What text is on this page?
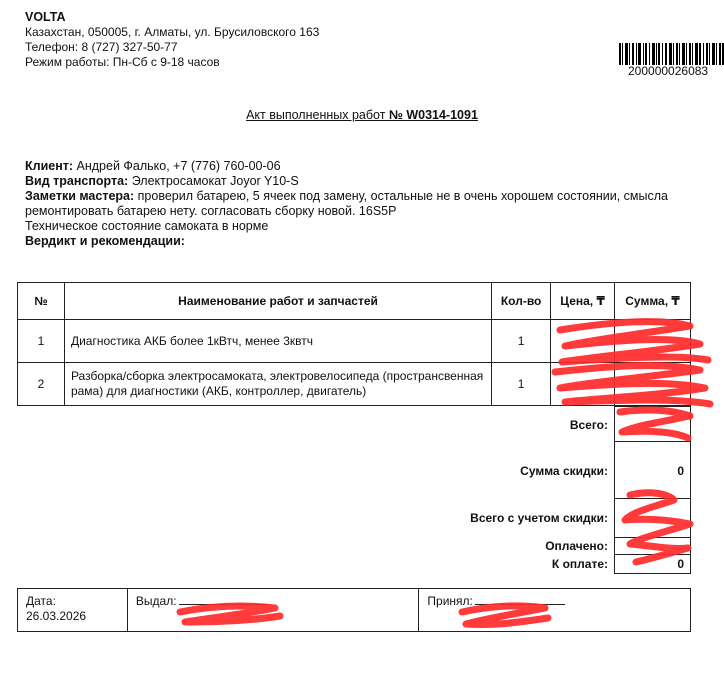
VOLTA
Казахстан, 050005, г. Алматы, ул. Брусиловского 163
Телефон: 8 (727) 327-50-77
Режим работы: Пн-Сб с 9-18 часов
200000026083
Акт выполненных работ № W0314-1091
Клиент: Андрей Фалько, +7 (776) 760-00-06
Вид транспорта: Электросамокат Joyor Y10-S
Заметки мастера: проверил батарею, 5 ячеек под замену, остальные не в очень хорошем состоянии, смысла ремонтировать батарею нету. согласовать сборку новой. 16S5P
Техническое состояние самоката в норме
Вердикт и рекомендации:
№	Наименование работ и запчастей	Кол-во	Цена, ₸	Сумма, ₸
1	Диагностика АКБ более 1кВтч, менее 3квтч	1		
2	Разборка/сборка электросамоката, электровелосипеда (пространсвенная рама) для диагностики (АКБ, контроллер, двигатель)	1		
Всего:
Сумма скидки:	0
Всего с учетом скидки:
Оплачено:
К оплате:	0
Дата:
26.03.2026
	Выдал:	Принял:
